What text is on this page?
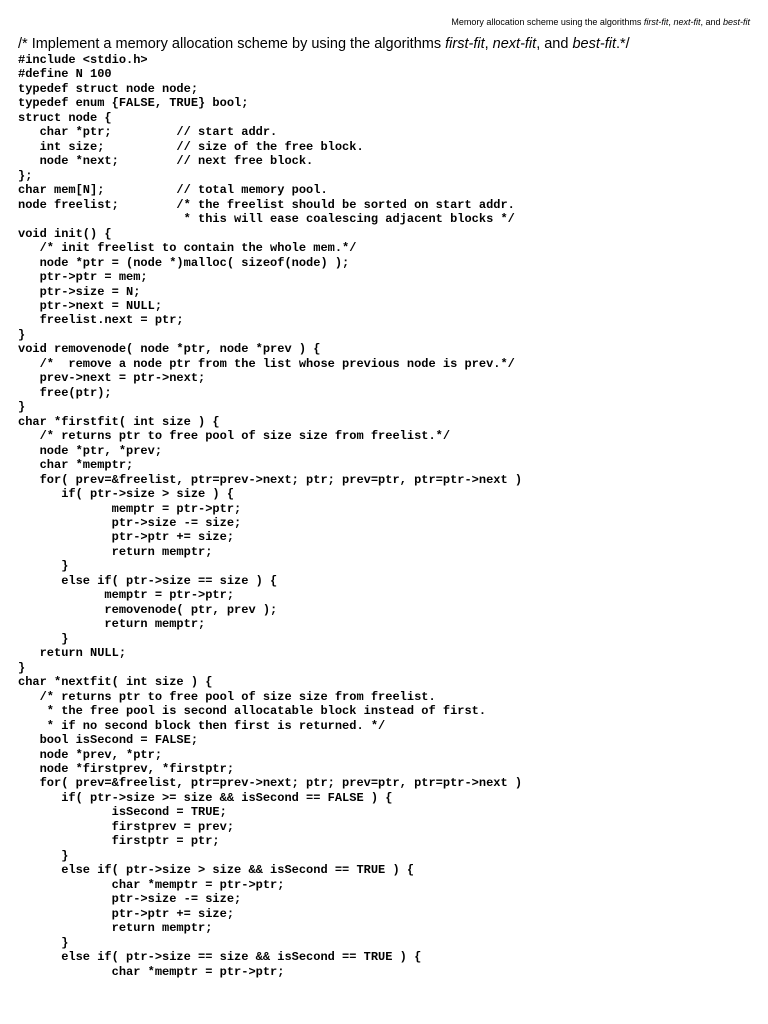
Memory allocation scheme using the algorithms first-fit, next-fit, and best-fit
/* Implement a memory allocation scheme by using the algorithms first-fit, next-fit, and best-fit.*/
#include <stdio.h>
#define N 100
typedef struct node node;
typedef enum {FALSE, TRUE} bool;
struct node {
char *ptr;         // start addr.
int size;          // size of the free block.
node *next;        // next free block.
};
char mem[N];          // total memory pool.
node freelist;        /* the freelist should be sorted on start addr.
* this will ease coalescing adjacent blocks */
void init() {
/* init freelist to contain the whole mem.*/
node *ptr = (node *)malloc( sizeof(node) );
ptr->ptr = mem;
ptr->size = N;
ptr->next = NULL;
freelist.next = ptr;
}
void removenode( node *ptr, node *prev ) {
/*  remove a node ptr from the list whose previous node is prev.*/
prev->next = ptr->next;
free(ptr);
}
char *firstfit( int size ) {
/* returns ptr to free pool of size size from freelist.*/
node *ptr, *prev;
char *memptr;
for( prev=&freelist, ptr=prev->next; ptr; prev=ptr, ptr=ptr->next )
if( ptr->size > size ) {
memptr = ptr->ptr;
ptr->size -= size;
ptr->ptr += size;
return memptr;
}
else if( ptr->size == size ) {
memptr = ptr->ptr;
removenode( ptr, prev );
return memptr;
}
return NULL;
}
char *nextfit( int size ) {
/* returns ptr to free pool of size size from freelist.
* the free pool is second allocatable block instead of first.
* if no second block then first is returned. */
bool isSecond = FALSE;
node *prev, *ptr;
node *firstprev, *firstptr;
for( prev=&freelist, ptr=prev->next; ptr; prev=ptr, ptr=ptr->next )
if( ptr->size >= size && isSecond == FALSE ) {
isSecond = TRUE;
firstprev = prev;
firstptr = ptr;
}
else if( ptr->size > size && isSecond == TRUE ) {
char *memptr = ptr->ptr;
ptr->size -= size;
ptr->ptr += size;
return memptr;
}
else if( ptr->size == size && isSecond == TRUE ) {
char *memptr = ptr->ptr;
